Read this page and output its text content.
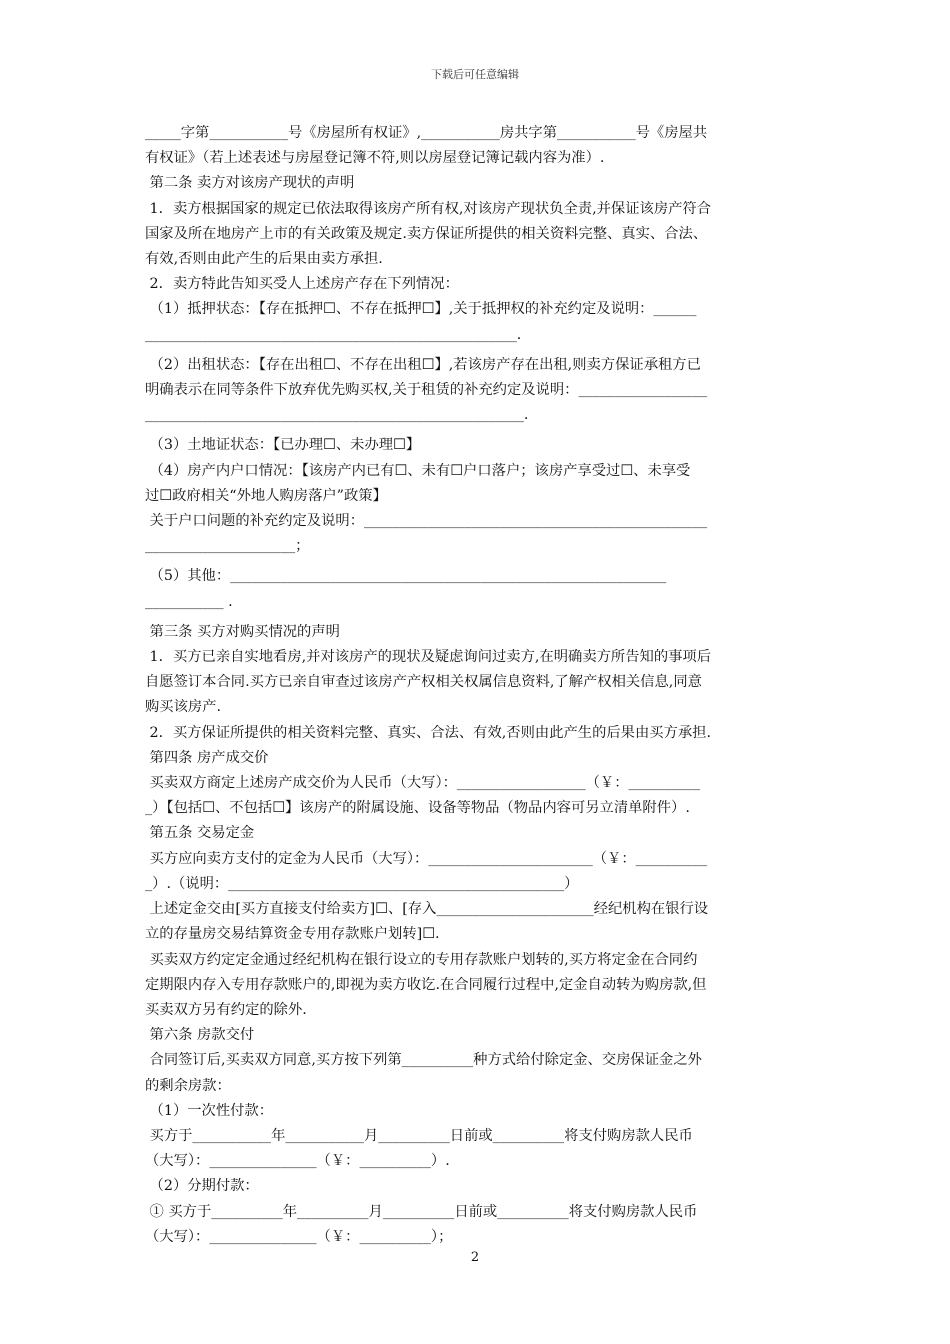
下载后可任意编辑

_____字第___________号《房屋所有权证》,___________房共字第___________号《房屋共

有权证》（若上述表述与房屋登记簿不符,则以房屋登记簿记载内容为准）.

第二条 卖方对该房产现状的声明

1．卖方根据国家的规定已依法取得该房产所有权,对该房产现状负全责,并保证该房产符合

国家及所在地房产上市的有关政策及规定.卖方保证所提供的相关资料完整、真实、合法、

有效,否则由此产生的后果由卖方承担.

2．卖方特此告知买受人上述房产存在下列情况：

（1）抵押状态：【存在抵押☐、不存在抵押☐】,关于抵押权的补充约定及说明：______

____________________________________________________.

（2）出租状态：【存在出租☐、不存在出租☐】,若该房产存在出租,则卖方保证承租方已

明确表示在同等条件下放弃优先购买权,关于租赁的补充约定及说明：__________________

_____________________________________________________.

（3）土地证状态：【已办理☐、未办理☐】

（4）房产内户口情况：【该房产内已有☐、未有☐户口落户；该房产享受过☐、未享受

过☐政府相关“外地人购房落户”政策】

关于户口问题的补充约定及说明：________________________________________________

_____________________；

（5）其他：_____________________________________________________________

___________ .

第三条 买方对购买情况的声明

1．买方已亲自实地看房,并对该房产的现状及疑虑询问过卖方,在明确卖方所告知的事项后

自愿签订本合同.买方已亲自审查过该房产产权相关权属信息资料,了解产权相关信息,同意

购买该房产.

2．买方保证所提供的相关资料完整、真实、合法、有效,否则由此产生的后果由买方承担.

第四条 房产成交价

买卖双方商定上述房产成交价为人民币（大写）：__________________（￥：__________

_）【包括☐、不包括☐】该房产的附属设施、设备等物品（物品内容可另立清单附件）.

第五条 交易定金

买方应向卖方支付的定金为人民币（大写）：_______________________（￥：__________

_）.（说明：_______________________________________________）

上述定金交由[买方直接支付给卖方]☐、[存入______________________经纪机构在银行设

立的存量房交易结算资金专用存款账户划转]☐.

买卖双方约定定金通过经纪机构在银行设立的专用存款账户划转的,买方将定金在合同约

定期限内存入专用存款账户的,即视为卖方收讫.在合同履行过程中,定金自动转为购房款,但

买卖双方另有约定的除外.

第六条 房款交付

合同签订后,买卖双方同意,买方按下列第__________种方式给付除定金、交房保证金之外

的剩余房款：

（1）一次性付款：

买方于___________年___________月__________日前或__________将支付购房款人民币

（大写）：_______________（￥：__________）.

（2）分期付款：

① 买方于__________年__________月__________日前或__________将支付购房款人民币

（大写）：_______________（￥：__________）；

2
